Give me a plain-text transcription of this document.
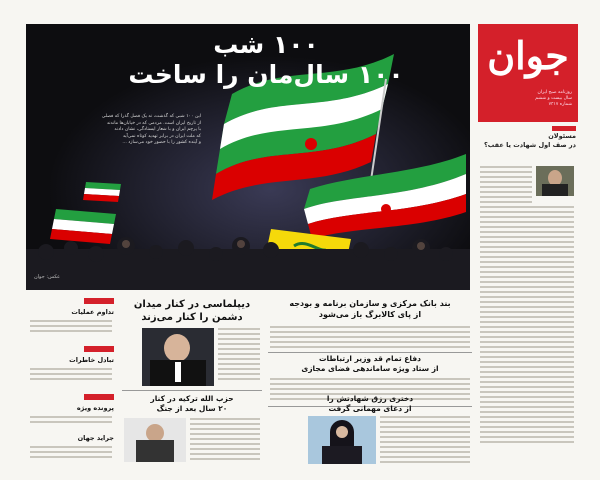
۱۰۰ شب
۱۰۰ سال‌مان را ساخت
این ۱۰۰ شبی که گذشت، نه یک فصل گذرا که فصلی
از تاریخ ایران است. مردمی که در خیابان‌ها ماندند
با پرچم ایران و با شعار ایستادگی، نشان دادند
که ملت ایران در برابر تهدید کوتاه نمی‌آید
و آینده کشور را با حضور خود می‌سازد ...
عکس: جوان
جوان
روزنامه صبح ایران
سال بیست و ششم
شماره ۷۳۱۷
مسئولان
در صف اول شهادت یا عقب؟
تداوم عملیات
تبادل خاطرات
پرونده ویژه
جراید جهان
دیپلماسی در کنار میدان
دشمن را کنار می‌زند
حزب‌ الله ترکیه در کنار
۲۰ سال بعد از جنگ
بند بانک مرکزی و سازمان برنامه و بودجه
از پای کالابرگ باز می‌شود
دفاع تمام قد وزیر ارتباطات
از ستاد ویژه ساماندهی فضای مجازی
دختری رزق شهادتش را
از دعای مهمانی گرفت
